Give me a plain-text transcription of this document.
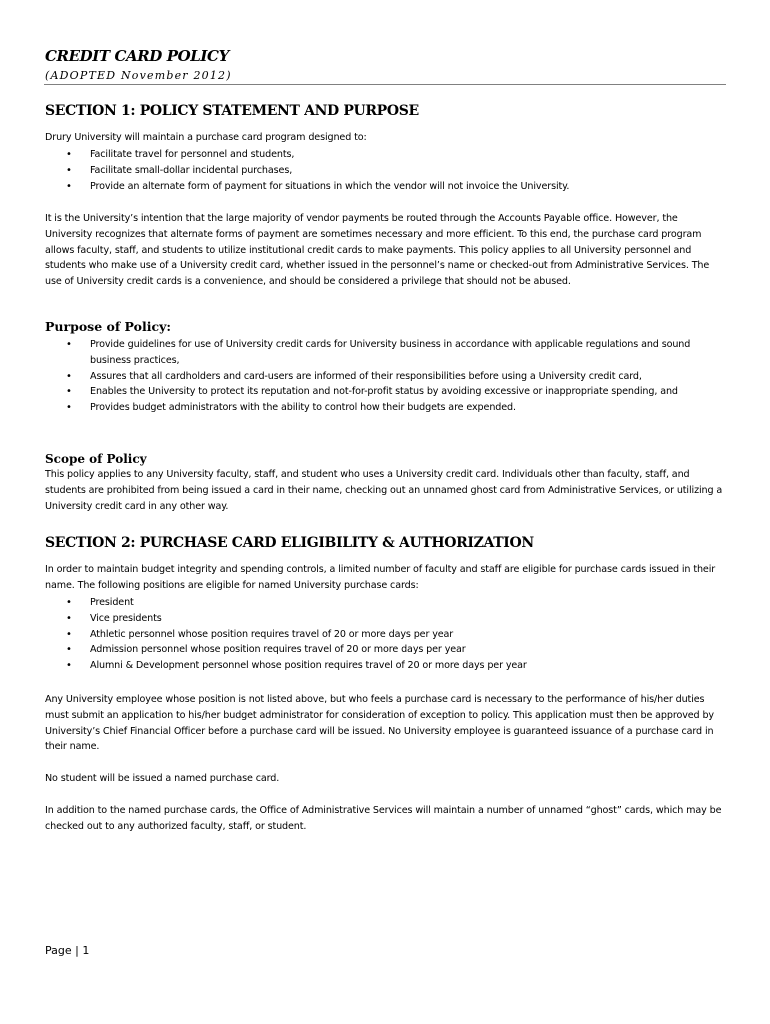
CREDIT CARD POLICY
(ADOPTED November 2012)
SECTION 1: POLICY STATEMENT AND PURPOSE

Drury University will maintain a purchase card program designed to:

• Facilitate travel for personnel and students,
• Facilitate small-dollar incidental purchases,
• Provide an alternate form of payment for situations in which the vendor will not invoice the University.

It is the University’s intention that the large majority of vendor payments be routed through the Accounts Payable office. However, the University recognizes that alternate forms of payment are sometimes necessary and more efficient. To this end, the purchase card program allows faculty, staff, and students to utilize institutional credit cards to make payments. This policy applies to all University personnel and students who make use of a University credit card, whether issued in the personnel’s name or checked-out from Administrative Services. The use of University credit cards is a convenience, and should be considered a privilege that should not be abused.

Purpose of Policy:
• Provide guidelines for use of University credit cards for University business in accordance with applicable regulations and sound business practices,
• Assures that all cardholders and card-users are informed of their responsibilities before using a University credit card,
• Enables the University to protect its reputation and not-for-profit status by avoiding excessive or inappropriate spending, and
• Provides budget administrators with the ability to control how their budgets are expended.
Scope of Policy

This policy applies to any University faculty, staff, and student who uses a University credit card. Individuals other than faculty, staff, and students are prohibited from being issued a card in their name, checking out an unnamed ghost card from Administrative Services, or utilizing a University credit card in any other way.

SECTION 2: PURCHASE CARD ELIGIBILITY & AUTHORIZATION

In order to maintain budget integrity and spending controls, a limited number of faculty and staff are eligible for purchase cards issued in their name. The following positions are eligible for named University purchase cards:

• President
• Vice presidents
• Athletic personnel whose position requires travel of 20 or more days per year
• Admission personnel whose position requires travel of 20 or more days per year
• Alumni & Development personnel whose position requires travel of 20 or more days per year

Any University employee whose position is not listed above, but who feels a purchase card is necessary to the performance of his/her duties must submit an application to his/her budget administrator for consideration of exception to policy. This application must then be approved by University’s Chief Financial Officer before a purchase card will be issued. No University employee is guaranteed issuance of a purchase card in their name.

No student will be issued a named purchase card.

In addition to the named purchase cards, the Office of Administrative Services will maintain a number of unnamed “ghost” cards, which may be checked out to any authorized faculty, staff, or student.

Page | 1
